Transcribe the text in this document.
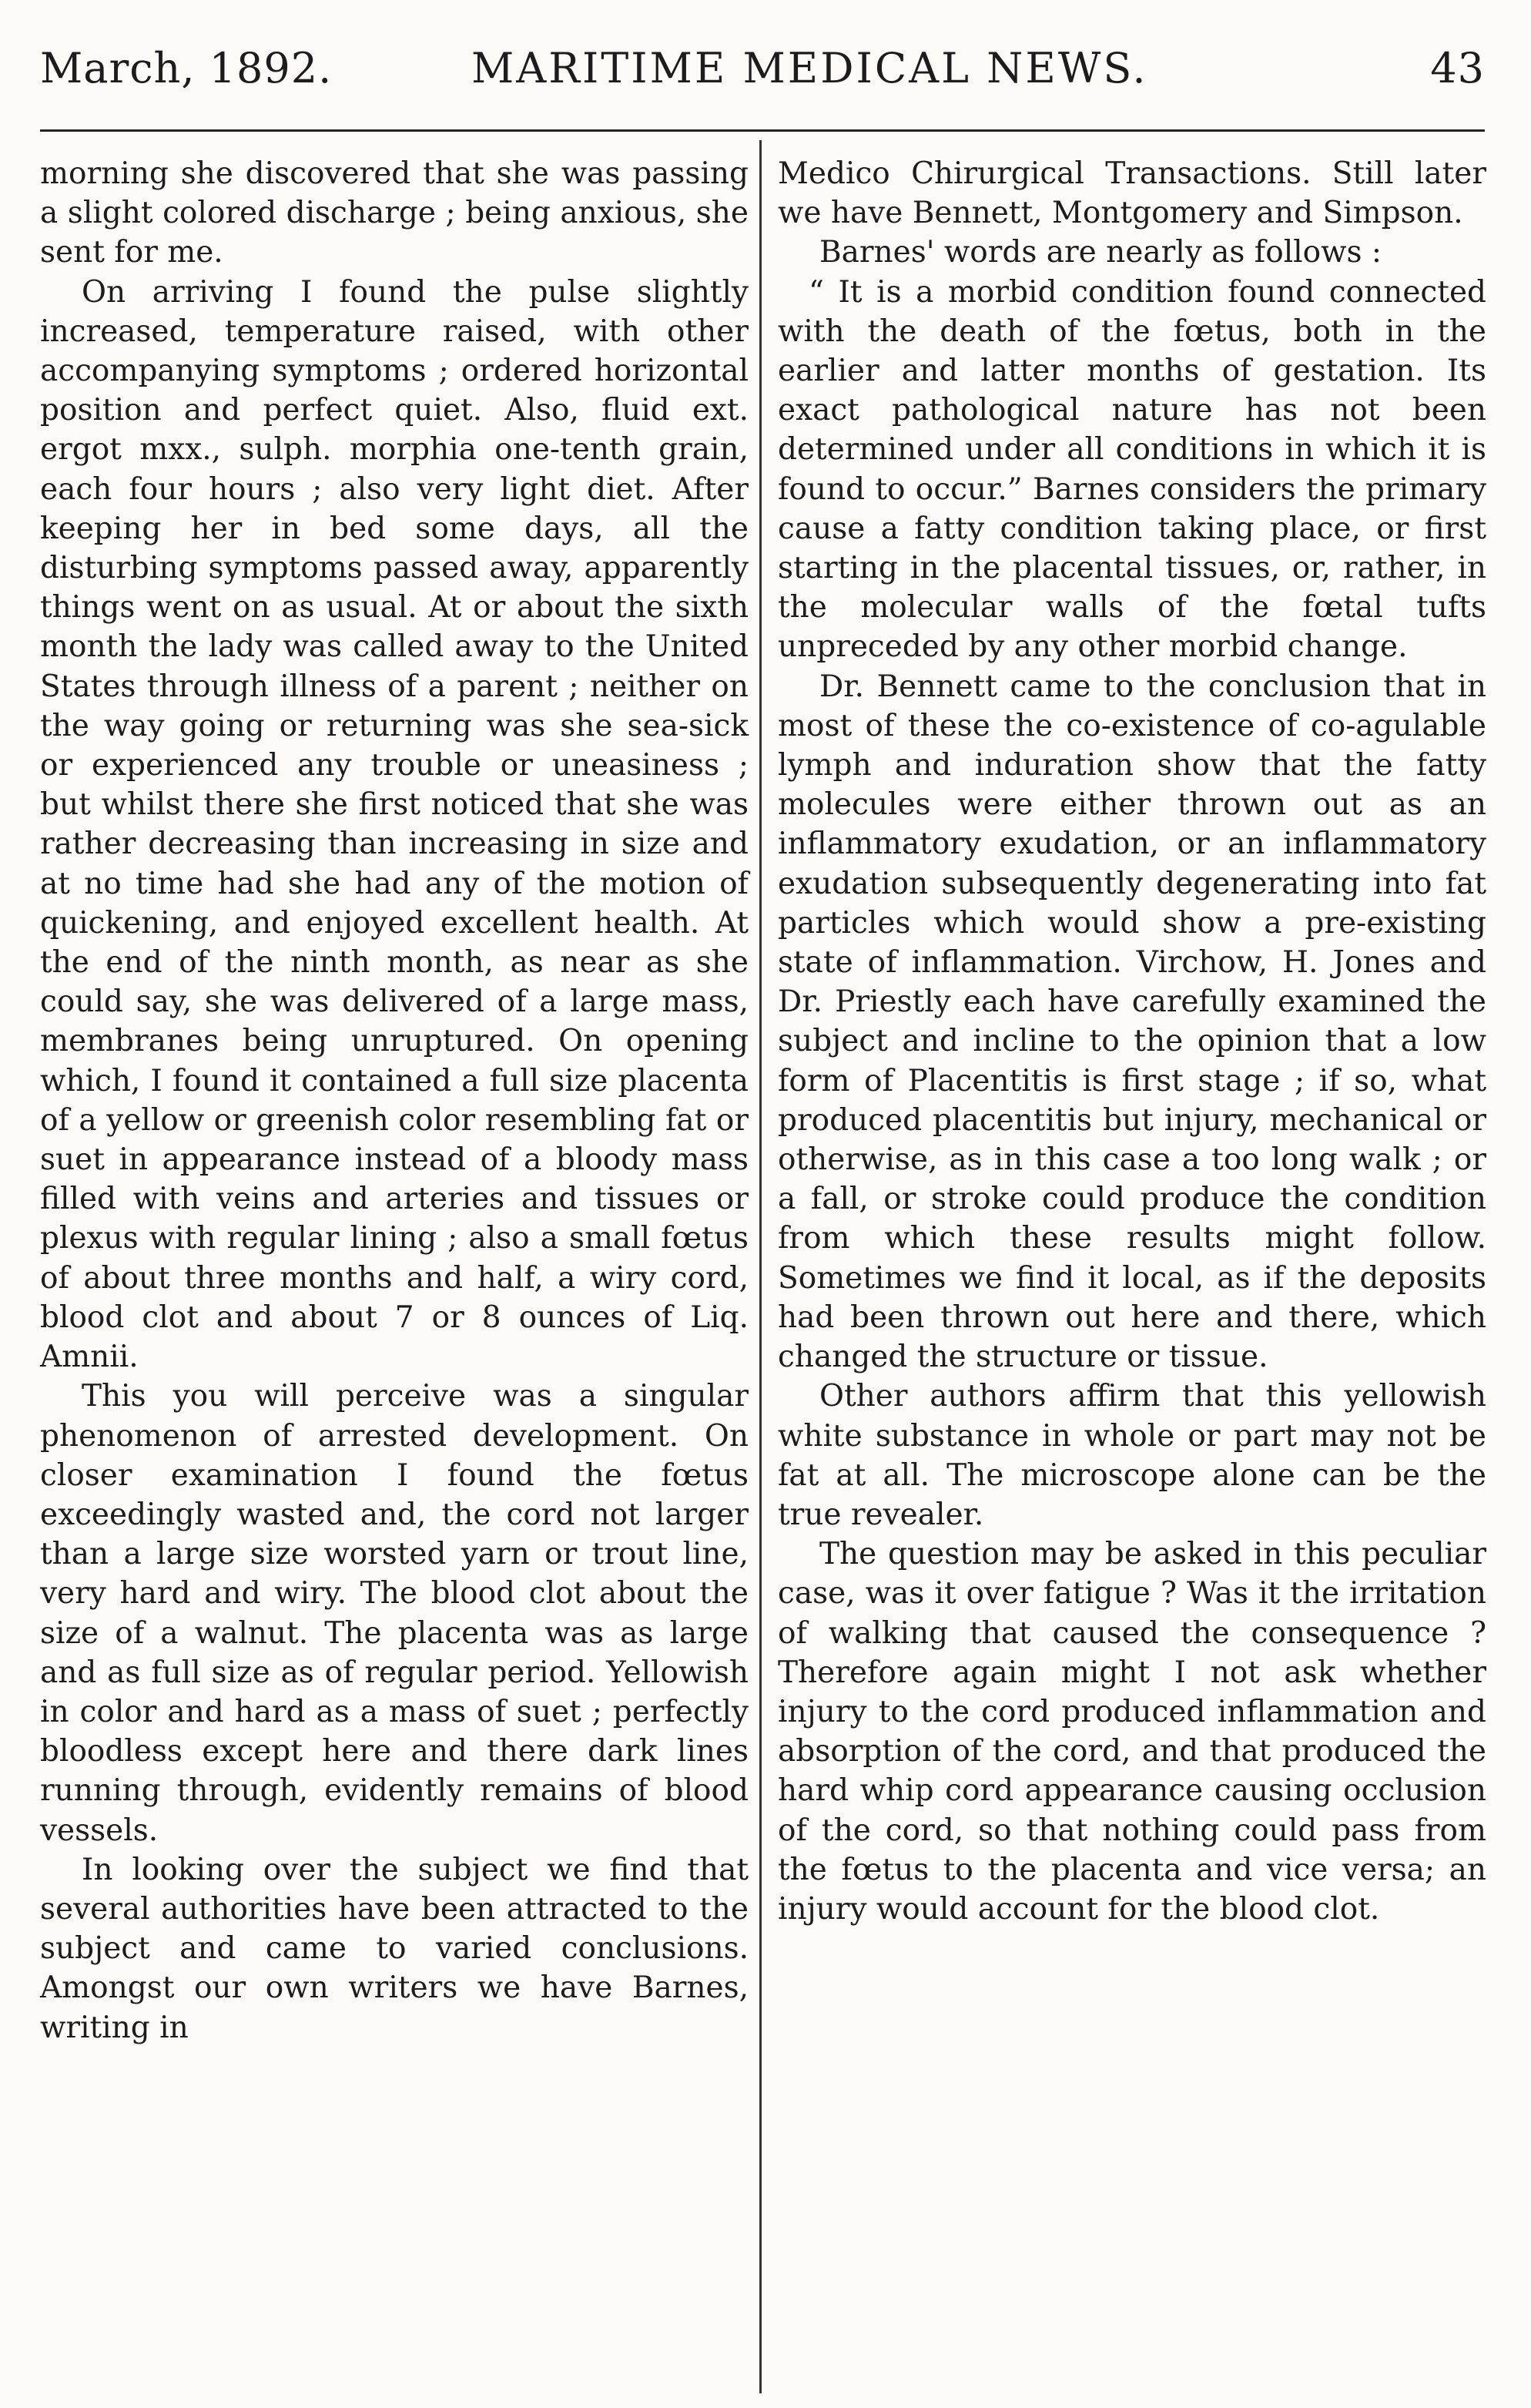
March, 1892.	MARITIME MEDICAL NEWS.	43

morning she discovered that she was passing a slight colored discharge ; being anxious, she sent for me.

On arriving I found the pulse slightly increased, temperature raised, with other accompanying symptoms ; ordered horizontal position and perfect quiet. Also, fluid ext. ergot mxx., sulph. morphia one-tenth grain, each four hours ; also very light diet. After keeping her in bed some days, all the disturbing symptoms passed away, apparently things went on as usual. At or about the sixth month the lady was called away to the United States through illness of a parent ; neither on the way going or returning was she sea-sick or experienced any trouble or uneasiness ; but whilst there she first noticed that she was rather decreasing than increasing in size and at no time had she had any of the motion of quickening, and enjoyed excellent health. At the end of the ninth month, as near as she could say, she was delivered of a large mass, membranes being unruptured. On opening which, I found it contained a full size placenta of a yellow or greenish color resembling fat or suet in appearance instead of a bloody mass filled with veins and arteries and tissues or plexus with regular lining ; also a small fœtus of about three months and half, a wiry cord, blood clot and about 7 or 8 ounces of Liq. Amnii.

This you will perceive was a singular phenomenon of arrested development. On closer examination I found the fœtus exceedingly wasted and, the cord not larger than a large size worsted yarn or trout line, very hard and wiry. The blood clot about the size of a walnut. The placenta was as large and as full size as of regular period. Yellowish in color and hard as a mass of suet ; perfectly bloodless except here and there dark lines running through, evidently remains of blood vessels.

In looking over the subject we find that several authorities have been attracted to the subject and came to varied conclusions. Amongst our own writers we have Barnes, writing in

Medico Chirurgical Transactions. Still later we have Bennett, Montgomery and Simpson.

Barnes' words are nearly as follows :

“ It is a morbid condition found connected with the death of the fœtus, both in the earlier and latter months of gestation. Its exact pathological nature has not been determined under all conditions in which it is found to occur.” Barnes considers the primary cause a fatty condition taking place, or first starting in the placental tissues, or, rather, in the molecular walls of the fœtal tufts unpreceded by any other morbid change.

Dr. Bennett came to the conclusion that in most of these the co-existence of co-agulable lymph and induration show that the fatty molecules were either thrown out as an inflammatory exudation, or an inflammatory exudation subsequently degenerating into fat particles which would show a pre-existing state of inflammation. Virchow, H. Jones and Dr. Priestly each have carefully examined the subject and incline to the opinion that a low form of Placentitis is first stage ; if so, what produced placentitis but injury, mechanical or otherwise, as in this case a too long walk ; or a fall, or stroke could produce the condition from which these results might follow. Sometimes we find it local, as if the deposits had been thrown out here and there, which changed the structure or tissue.

Other authors affirm that this yellowish white substance in whole or part may not be fat at all. The microscope alone can be the true revealer.

The question may be asked in this peculiar case, was it over fatigue ? Was it the irritation of walking that caused the consequence ? Therefore again might I not ask whether injury to the cord produced inflammation and absorption of the cord, and that produced the hard whip cord appearance causing occlusion of the cord, so that nothing could pass from the fœtus to the placenta and vice versa; an injury would account for the blood clot.
